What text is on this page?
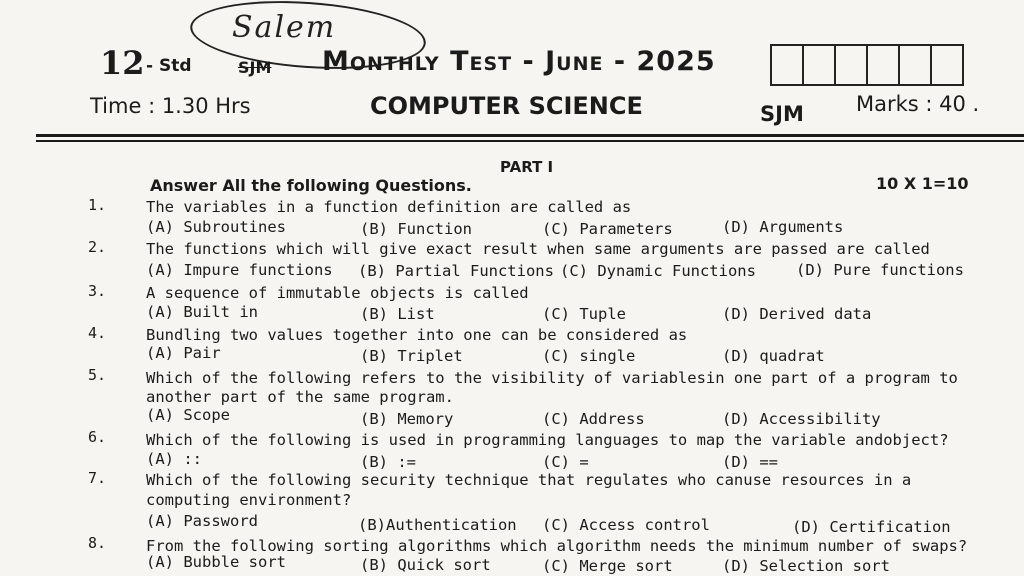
Salem
12 - Std	SJM Monthly Test - June - 2025
Time : 1.30 Hrs	COMPUTER SCIENCE	SJM Marks : 40 .
PART I
Answer All the following Questions.	10 X 1=10
1.	The variables in a function definition are called as
(A) Subroutines	(B) Function	(C) Parameters	(D) Arguments
2.	The functions which will give exact result when same arguments are passed are called
(A) Impure functions (B) Partial Functions (C) Dynamic Functions	(D) Pure functions
3.	A sequence of immutable objects is called
(A) Built in	(B) List	(C) Tuple	(D) Derived data
4.	Bundling two values together into one can be considered as
(A) Pair	(B) Triplet	(C) single	(D) quadrat
5.	Which of the following refers to the visibility of variablesin one part of a program to
another part of the same program.
(A) Scope	(B) Memory	(C) Address	(D) Accessibility
6.	Which of the following is used in programming languages to map the variable andobject?
(A) ::	(B) :=	(C) =	(D) ==
7.	Which of the following security technique that regulates who canuse resources in a
computing environment?
(A) Password	(B)Authentication (C) Access control	(D) Certification
8.	From the following sorting algorithms which algorithm needs the minimum number of swaps?
(A) Bubble sort	(B) Quick sort	(C) Merge sort	(D) Selection sort
